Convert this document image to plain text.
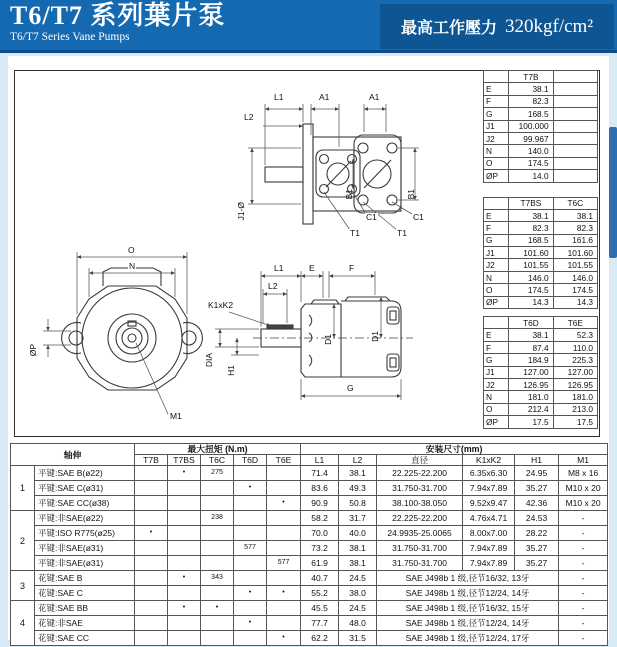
T6/T7 系列葉片泵
T6/T7 Series Vane Pumps	最高工作壓力 320kgf/cm²
L1	A1	A1
L2
J1-Ø
B1	B1
C1	C1
T1	T1
O
N
ØP
M1
L1	E	F
L2
K1xK2
DIA
H1
D1	D1
G
	T7B	
E	38.1	
F	82.3	
G	168.5	
J1	100.000	
J2	99.967	
N	140.0	
O	174.5	
ØP	14.0	
	T7BS	T6C
E	38.1	38.1
F	82.3	82.3
G	168.5	161.6
J1	101.60	101.60
J2	101.55	101.55
N	146.0	146.0
O	174.5	174.5
ØP	14.3	14.3
	T6D	T6E
E	38.1	52.3
F	87.4	110.0
G	184.9	225.3
J1	127.00	127.00
J2	126.95	126.95
N	181.0	181.0
O	212.4	213.0
ØP	17.5	17.5
轴伸		最大扭矩 (N.m)					安装尺寸(mm)					
		T7B	T7BS	T6C	T6D	T6E	L1	L2	直径	K1xK2	H1	M1
1	平键:SAE B(ø22)		•	275			71.4	38.1	22.225-22.200	6.35x6.30	24.95	M8 x 16
	平键:SAE C(ø31)				•		83.6	49.3	31.750-31.700	7.94x7.89	35.27	M10 x 20
	平键:SAE CC(ø38)					•	90.9	50.8	38.100-38.050	9.52x9.47	42.36	M10 x 20
2	平键:非SAE(ø22)			238			58.2	31.7	22.225-22.200	4.76x4.71	24.53	-
	平键:ISO R775(ø25)	•					70.0	40.0	24.9935-25.0065	8.00x7.00	28.22	-
	平键:非SAE(ø31)				577		73.2	38.1	31.750-31.700	7.94x7.89	35.27	-
	平键:非SAE(ø31)					577	61.9	38.1	31.750-31.700	7.94x7.89	35.27	-
3	花键:SAE B		•	343			40.7	24.5	SAE J498b 1 级,径节16/32, 13牙			-
	花键:SAE C				•	•	55.2	38.0	SAE J498b 1 级,径节12/24, 14牙			-
4	花键:SAE BB		•	•			45.5	24.5	SAE J498b 1 级,径节16/32, 15牙			-
	花键:非SAE				•		77.7	48.0	SAE J498b 1 级,径节12/24, 14牙			-
	花键:SAE CC					•	62.2	31.5	SAE J498b 1 级,径节12/24, 17牙			-
